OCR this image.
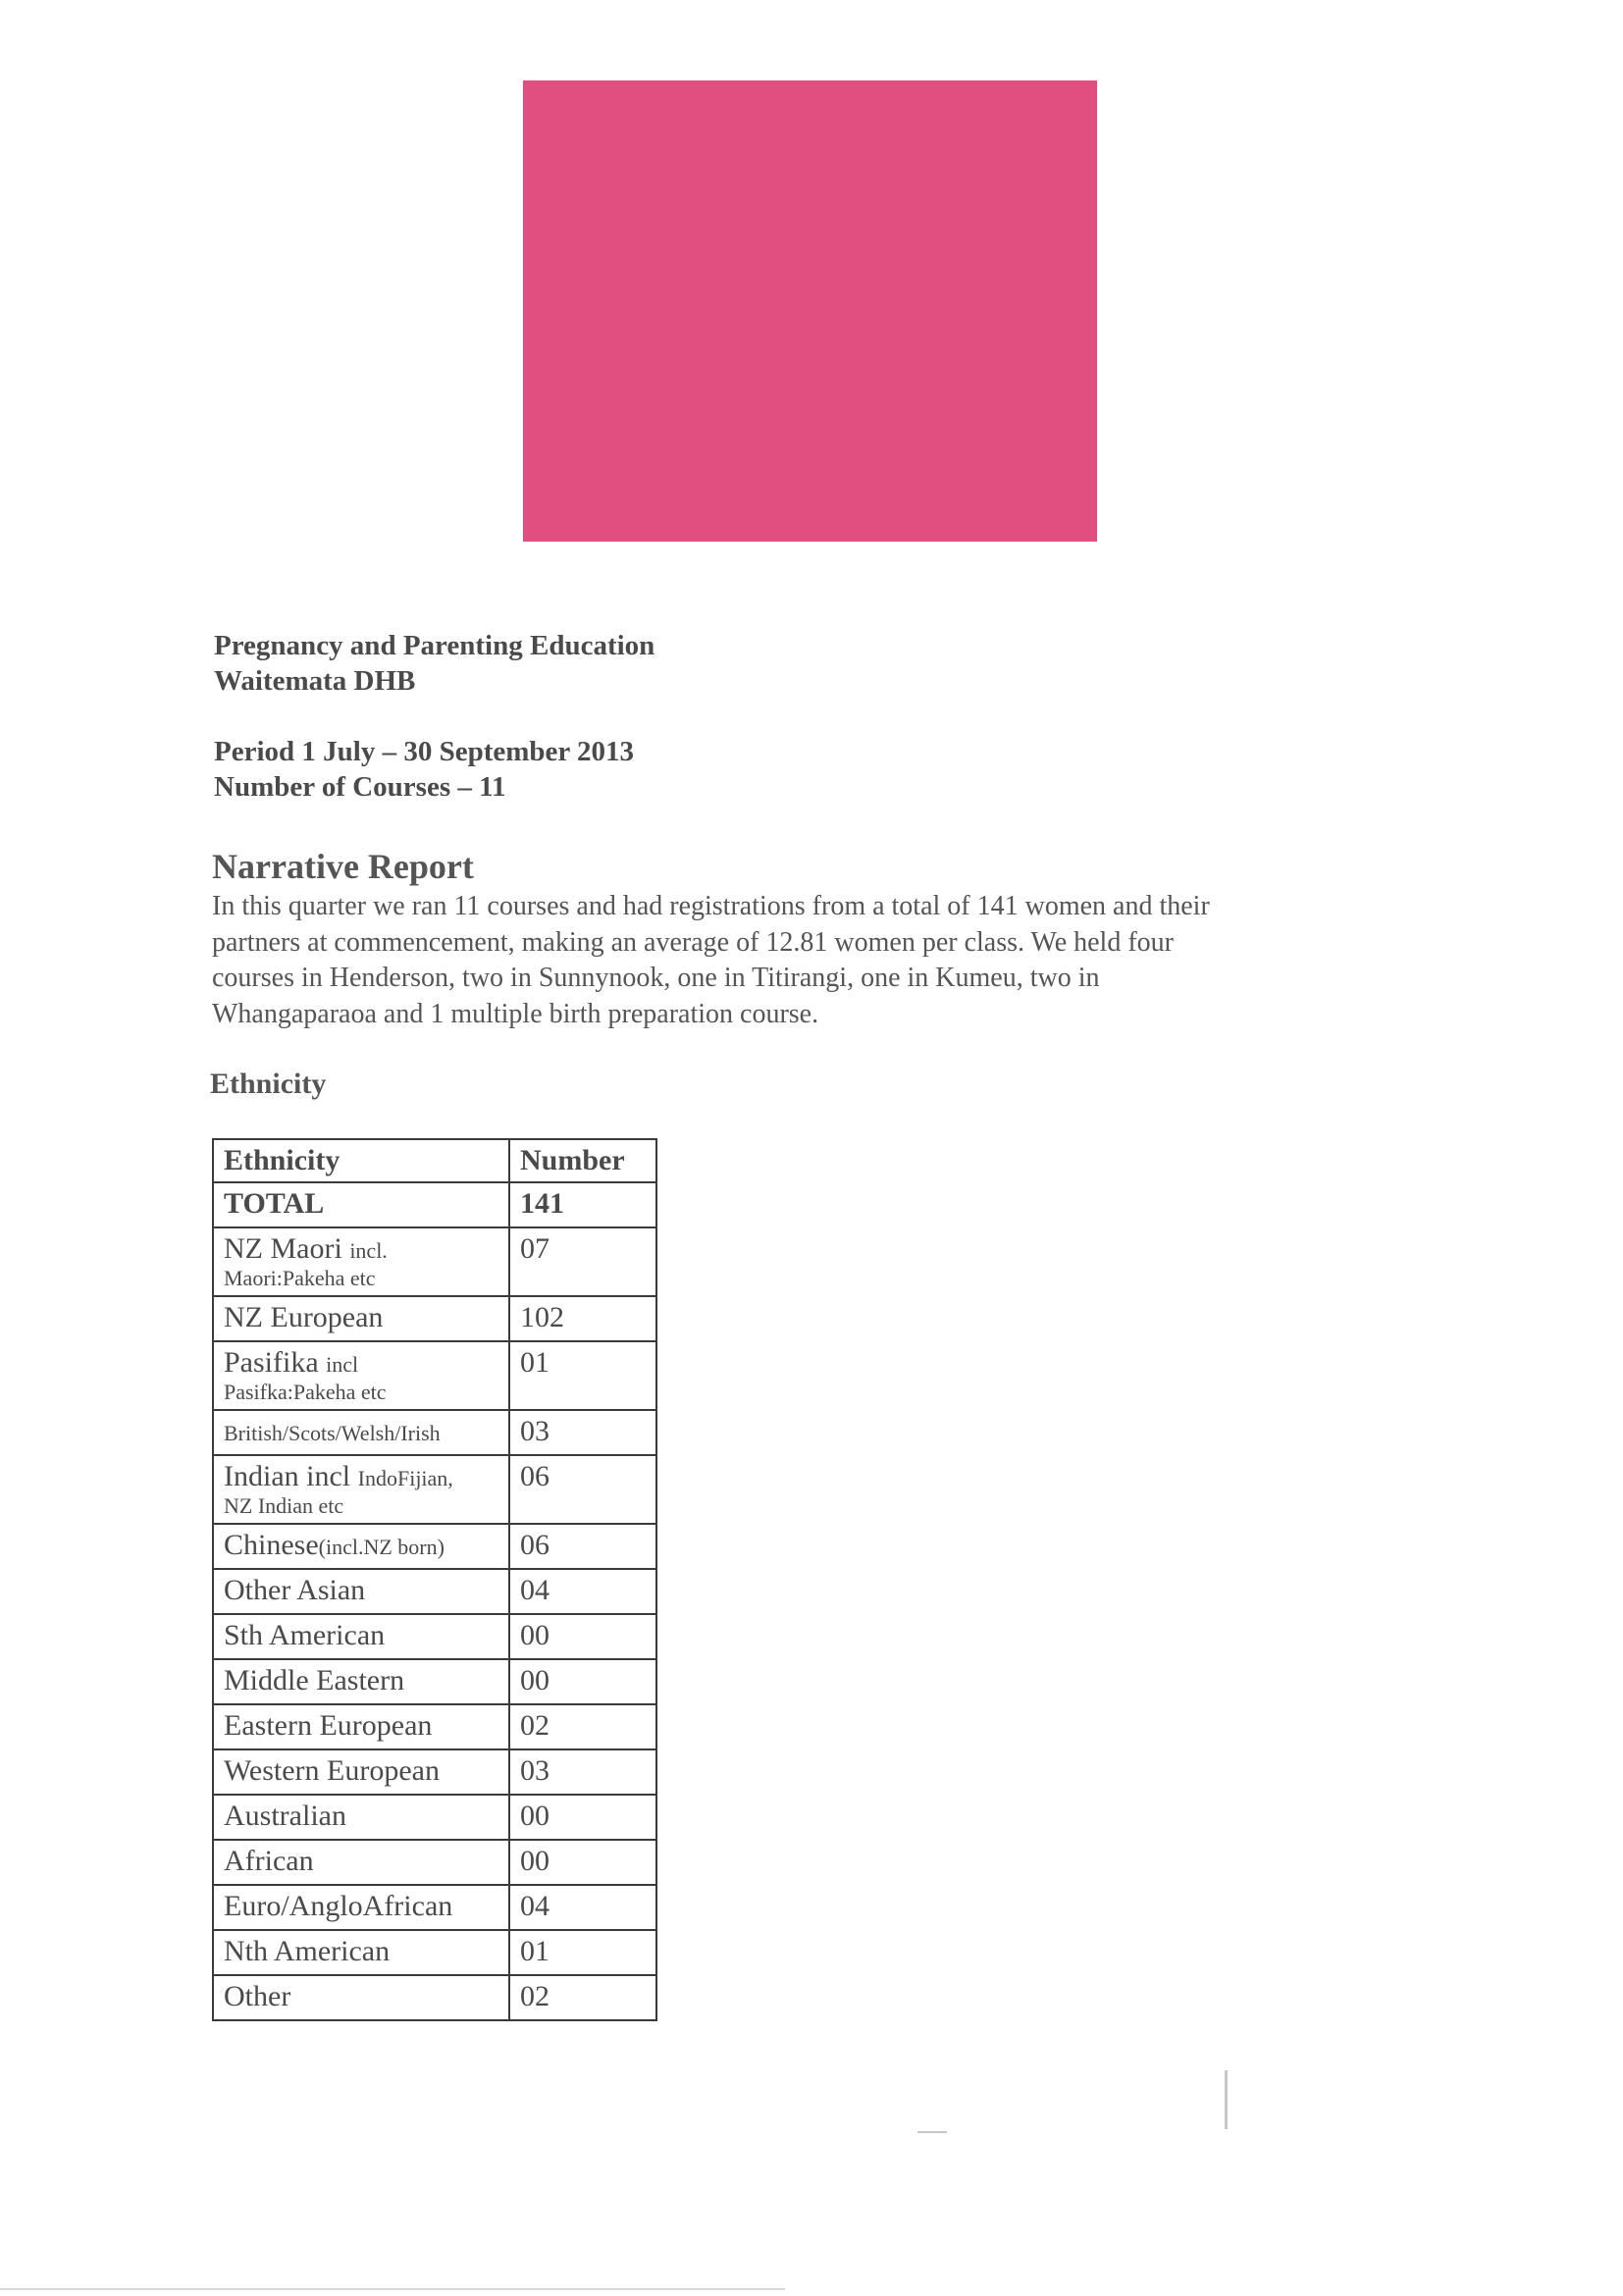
Pregnancy and Parenting Education
Waitemata DHB
Period 1 July – 30 September 2013
Number of Courses – 11
Narrative Report
In this quarter we ran 11 courses and had registrations from a total of 141 women and their
partners at commencement, making an average of 12.81 women per class. We held four
courses in Henderson, two in Sunnynook, one in Titirangi, one in Kumeu, two in
Whangaparaoa and 1 multiple birth preparation course.
Ethnicity
Ethnicity	Number
TOTAL	141
NZ Maori incl.
Maori:Pakeha etc	07
NZ European	102
Pasifika incl
Pasifka:Pakeha etc	01
British/Scots/Welsh/Irish	03
Indian incl IndoFijian,
NZ Indian etc	06
Chinese(incl.NZ born)	06
Other Asian	04
Sth American	00
Middle Eastern	00
Eastern European	02
Western European	03
Australian	00
African	00
Euro/AngloAfrican	04
Nth American	01
Other	02
